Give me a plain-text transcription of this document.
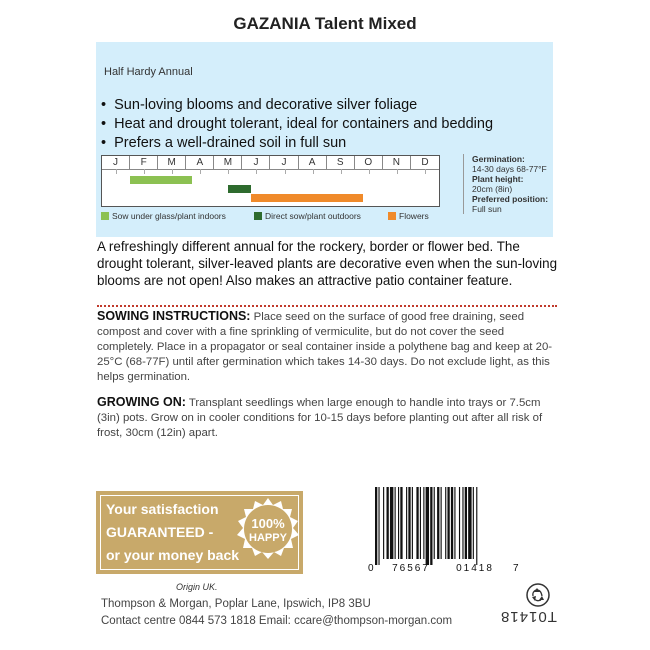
GAZANIA Talent Mixed
Half Hardy Annual
•  Sun-loving blooms and decorative silver foliage
•  Heat and drought tolerant, ideal for containers and bedding
•  Prefers a well-drained soil in full sun
J	F	M	A	M	J	J	A	S	O	N	D	Germination:
14-30 days 68-77°F
Plant height:
20cm (8in)
Preferred position:
Full sun
A refreshingly different annual for the rockery, border or flower bed. The drought tolerant, silver-leaved plants are decorative even when the sun-loving blooms are not open! Also makes an attractive patio container feature.
SOWING INSTRUCTIONS: Place seed on the surface of good free draining, seed compost and cover with a fine sprinkling of vermiculite, but do not cover the seed completely. Place in a propagator or seal container inside a polythene bag and keep at 20-25°C (68-77F) until after germination which takes 14-30 days. Do not exclude light, as this helps germination.
GROWING ON: Transplant seedlings when large enough to handle into trays or 7.5cm (3in) pots. Grow on in cooler conditions for 10-15 days before planting out after all risk of frost, 30cm (12in) apart.
Your satisfaction
GUARANTEED -
or your money back
100%
HAPPY
0 76567	01418 7
Origin UK.
Thompson & Morgan, Poplar Lane, Ipswich, IP8 3BU
Contact centre 0844 573 1818 Email: ccare@thompson-morgan.com	T01418
Sow under glass/plant indoors	Direct sow/plant outdoors	Flowers
